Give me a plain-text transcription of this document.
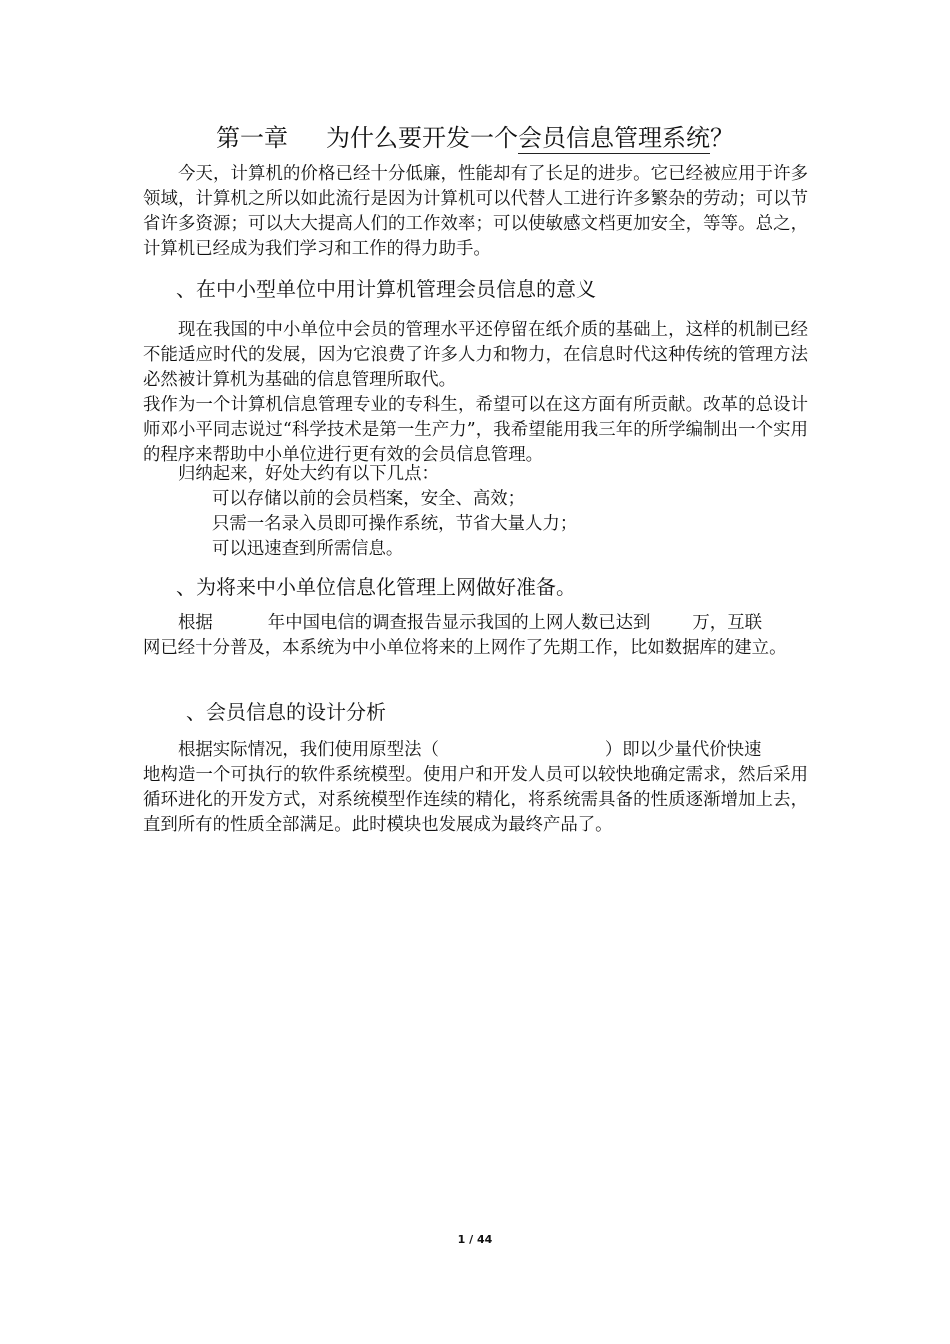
第一章 为什么要开发一个会员信息管理系统？

今天，计算机的价格已经十分低廉，性能却有了长足的进步。它已经被应用于许多领域，计算机之所以如此流行是因为计算机可以代替人工进行许多繁杂的劳动；可以节省许多资源；可以大大提高人们的工作效率；可以使敏感文档更加安全，等等。总之，计算机已经成为我们学习和工作的得力助手。

、在中小型单位中用计算机管理会员信息的意义

现在我国的中小单位中会员的管理水平还停留在纸介质的基础上，这样的机制已经不能适应时代的发展，因为它浪费了许多人力和物力，在信息时代这种传统的管理方法必然被计算机为基础的信息管理所取代。

我作为一个计算机信息管理专业的专科生，希望可以在这方面有所贡献。改革的总设计师邓小平同志说过“科学技术是第一生产力”，我希望能用我三年的所学编制出一个实用的程序来帮助中小单位进行更有效的会员信息管理。

归纳起来，好处大约有以下几点：

可以存储以前的会员档案，安全、高效；

只需一名录入员即可操作系统，节省大量人力；

可以迅速查到所需信息。

、为将来中小单位信息化管理上网做好准备。

根据	年中国电信的调查报告显示我国的上网人数已达到 万，互联

网已经十分普及，本系统为中小单位将来的上网作了先期工作，比如数据库的建立。

、会员信息的设计分析

根据实际情况，我们使用原型法（	）即以少量代价快速

地构造一个可执行的软件系统模型。使用户和开发人员可以较快地确定需求，然后采用循环进化的开发方式，对系统模型作连续的精化，将系统需具备的性质逐渐增加上去，直到所有的性质全部满足。此时模块也发展成为最终产品了。

1 / 44
